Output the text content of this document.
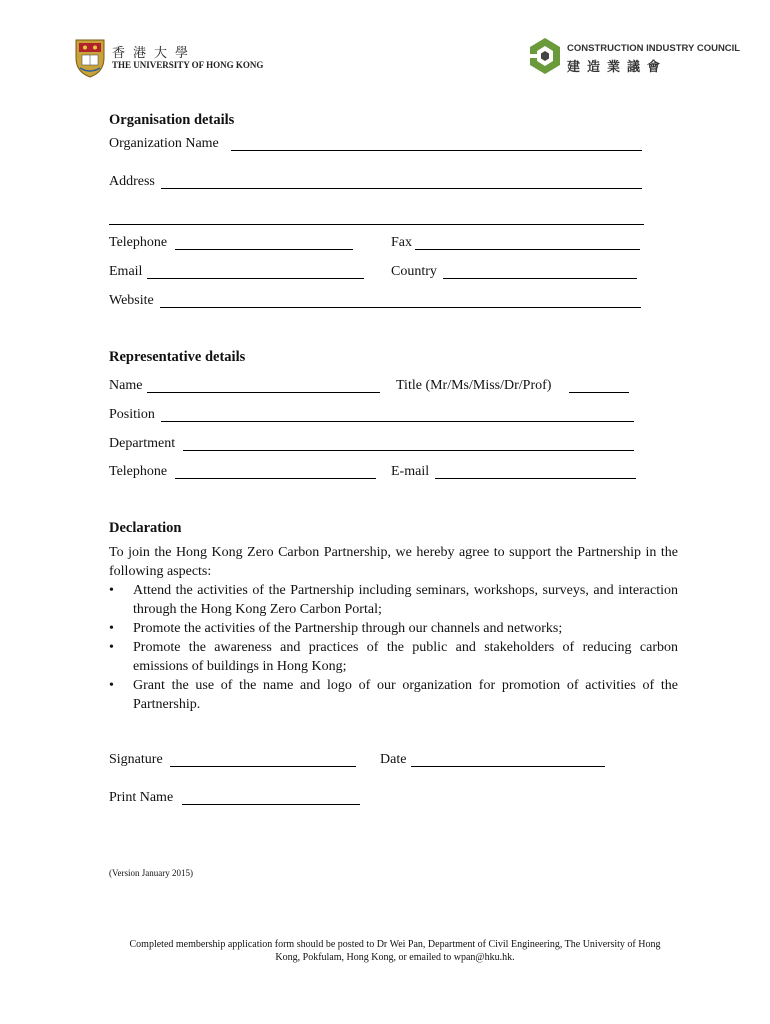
香港大學
THE UNIVERSITY OF HONG KONG
CONSTRUCTION INDUSTRY COUNCIL
建造業議會
Organisation details
Organization Name
Address
Telephone	Fax
Email	Country
Website
Representative details
Name	Title (Mr/Ms/Miss/Dr/Prof)
Position
Department
Telephone	E-mail
Declaration

To join the Hong Kong Zero Carbon Partnership, we hereby agree to support the Partnership in the following aspects:

• Attend the activities of the Partnership including seminars, workshops, surveys, and interaction through the Hong Kong Zero Carbon Portal;
• Promote the activities of the Partnership through our channels and networks;
• Promote the awareness and practices of the public and stakeholders of reducing carbon emissions of buildings in Hong Kong;
• Grant the use of the name and logo of our organization for promotion of activities of the Partnership.
Signature	Date
Print Name
(Version January 2015)
Completed membership application form should be posted to Dr Wei Pan, Department of Civil Engineering, The University of Hong Kong, Pokfulam, Hong Kong, or emailed to wpan@hku.hk.
